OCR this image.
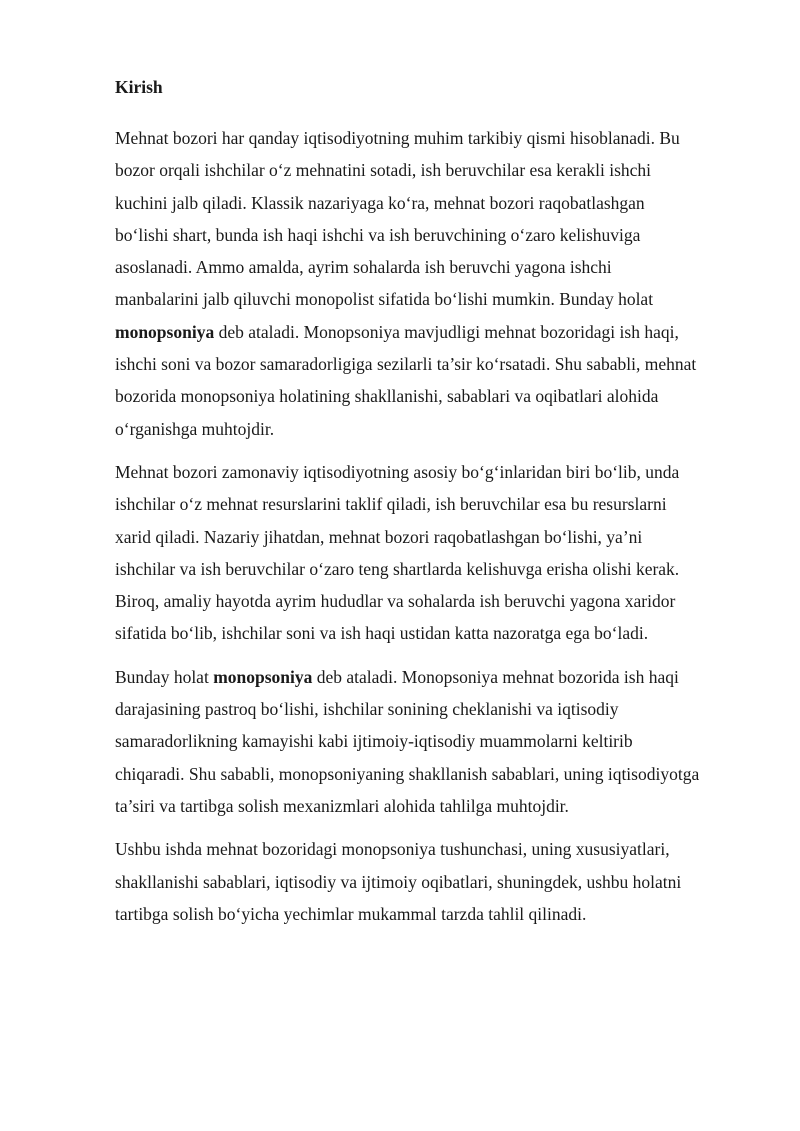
Kirish

Mehnat bozori har qanday iqtisodiyotning muhim tarkibiy qismi hisoblanadi. Bu
bozor orqali ishchilar o‘z mehnatini sotadi, ish beruvchilar esa kerakli ishchi
kuchini jalb qiladi. Klassik nazariyaga ko‘ra, mehnat bozori raqobatlashgan
bo‘lishi shart, bunda ish haqi ishchi va ish beruvchining o‘zaro kelishuviga
asoslanadi. Ammo amalda, ayrim sohalarda ish beruvchi yagona ishchi
manbalarini jalb qiluvchi monopolist sifatida bo‘lishi mumkin. Bunday holat
monopsoniya deb ataladi. Monopsoniya mavjudligi mehnat bozoridagi ish haqi,
ishchi soni va bozor samaradorligiga sezilarli ta’sir ko‘rsatadi. Shu sababli, mehnat
bozorida monopsoniya holatining shakllanishi, sabablari va oqibatlari alohida
o‘rganishga muhtojdir.

Mehnat bozori zamonaviy iqtisodiyotning asosiy bo‘g‘inlaridan biri bo‘lib, unda
ishchilar o‘z mehnat resurslarini taklif qiladi, ish beruvchilar esa bu resurslarni
xarid qiladi. Nazariy jihatdan, mehnat bozori raqobatlashgan bo‘lishi, ya’ni
ishchilar va ish beruvchilar o‘zaro teng shartlarda kelishuvga erisha olishi kerak.
Biroq, amaliy hayotda ayrim hududlar va sohalarda ish beruvchi yagona xaridor
sifatida bo‘lib, ishchilar soni va ish haqi ustidan katta nazoratga ega bo‘ladi.

Bunday holat monopsoniya deb ataladi. Monopsoniya mehnat bozorida ish haqi
darajasining pastroq bo‘lishi, ishchilar sonining cheklanishi va iqtisodiy
samaradorlikning kamayishi kabi ijtimoiy-iqtisodiy muammolarni keltirib
chiqaradi. Shu sababli, monopsoniyaning shakllanish sabablari, uning iqtisodiyotga
ta’siri va tartibga solish mexanizmlari alohida tahlilga muhtojdir.

Ushbu ishda mehnat bozoridagi monopsoniya tushunchasi, uning xususiyatlari,
shakllanishi sabablari, iqtisodiy va ijtimoiy oqibatlari, shuningdek, ushbu holatni
tartibga solish bo‘yicha yechimlar mukammal tarzda tahlil qilinadi.
